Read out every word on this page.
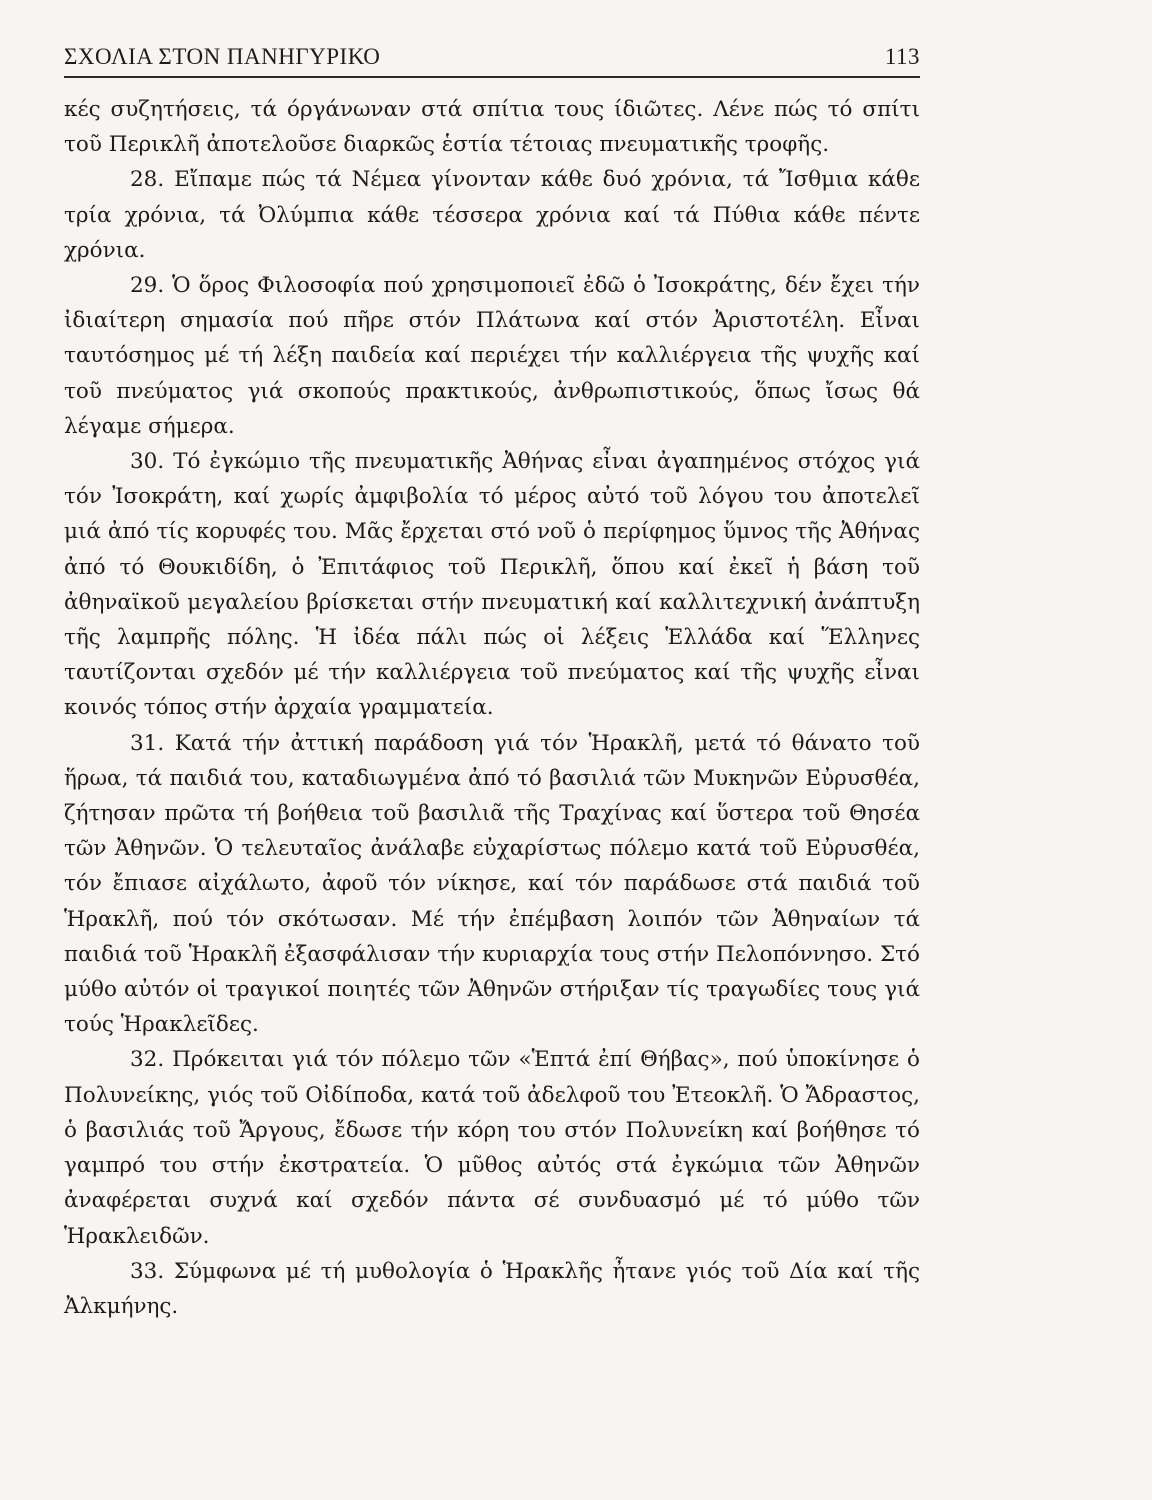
ΣΧΟΛΙΑ ΣΤΟΝ ΠΑΝΗΓΥΡΙΚΟ	113

κές συζητήσεις, τά όργάνωναν στά σπίτια τους ίδιῶτες. Λένε πώς τό σπίτι τοῦ Περικλῆ ἀποτελοῦσε διαρκῶς ἑστία τέτοιας πνευματικῆς τροφῆς.

28. Εἴπαμε πώς τά Νέμεα γίνονταν κάθε δυό χρόνια, τά Ἴσθμια κάθε τρία χρόνια, τά Ὀλύμπια κάθε τέσσερα χρόνια καί τά Πύθια κάθε πέντε χρόνια.

29. Ὁ ὅρος Φιλοσοφία πού χρησιμοποιεῖ ἐδῶ ὁ Ἰσοκράτης, δέν ἔχει τήν ἰδιαίτερη σημασία πού πῆρε στόν Πλάτωνα καί στόν Ἀριστοτέλη. Εἶναι ταυτόσημος μέ τή λέξη παιδεία καί περιέχει τήν καλλιέργεια τῆς ψυχῆς καί τοῦ πνεύματος γιά σκοπούς πρακτικούς, ἀνθρωπιστικούς, ὅπως ἴσως θά λέγαμε σήμερα.

30. Τό ἐγκώμιο τῆς πνευματικῆς Ἀθήνας εἶναι ἀγαπημένος στόχος γιά τόν Ἰσοκράτη, καί χωρίς ἀμφιβολία τό μέρος αὐτό τοῦ λόγου του ἀποτελεῖ μιά ἀπό τίς κορυφές του. Μᾶς ἔρχεται στό νοῦ ὁ περίφημος ὕμνος τῆς Ἀθήνας ἀπό τό Θουκιδίδη, ὁ Ἐπιτάφιος τοῦ Περικλῆ, ὅπου καί ἐκεῖ ἡ βάση τοῦ ἀθηναϊκοῦ μεγαλείου βρίσκεται στήν πνευματική καί καλλιτεχνική ἀνάπτυξη τῆς λαμπρῆς πόλης. Ἡ ἰδέα πάλι πώς οἱ λέξεις Ἑλλάδα καί Ἕλληνες ταυτίζονται σχεδόν μέ τήν καλλιέργεια τοῦ πνεύματος καί τῆς ψυχῆς εἶναι κοινός τόπος στήν ἀρχαία γραμματεία.

31. Κατά τήν ἀττική παράδοση γιά τόν Ἡρακλῆ, μετά τό θάνατο τοῦ ἥρωα, τά παιδιά του, καταδιωγμένα ἀπό τό βασιλιά τῶν Μυκηνῶν Εὐρυσθέα, ζήτησαν πρῶτα τή βοήθεια τοῦ βασιλιᾶ τῆς Τραχίνας καί ὕστερα τοῦ Θησέα τῶν Ἀθηνῶν. Ὁ τελευταῖος ἀνάλαβε εὐχαρίστως πόλεμο κατά τοῦ Εὐρυσθέα, τόν ἔπιασε αἰχάλωτο, ἀφοῦ τόν νίκησε, καί τόν παράδωσε στά παιδιά τοῦ Ἡρακλῆ, πού τόν σκότωσαν. Μέ τήν ἐπέμβαση λοιπόν τῶν Ἀθηναίων τά παιδιά τοῦ Ἡρακλῆ ἐξασφάλισαν τήν κυριαρχία τους στήν Πελοπόννησο. Στό μύθο αὐτόν οἱ τραγικοί ποιητές τῶν Ἀθηνῶν στήριξαν τίς τραγωδίες τους γιά τούς Ἡρακλεῖδες.

32. Πρόκειται γιά τόν πόλεμο τῶν «Ἑπτά ἐπί Θήβας», πού ὑποκίνησε ὁ Πολυνείκης, γιός τοῦ Οἰδίποδα, κατά τοῦ ἀδελφοῦ του Ἐτεοκλῆ. Ὁ Ἄδραστος, ὁ βασιλιάς τοῦ Ἄργους, ἔδωσε τήν κόρη του στόν Πολυνείκη καί βοήθησε τό γαμπρό του στήν ἐκστρατεία. Ὁ μῦθος αὐτός στά ἐγκώμια τῶν Ἀθηνῶν ἀναφέρεται συχνά καί σχεδόν πάντα σέ συνδυασμό μέ τό μύθο τῶν Ἡρακλειδῶν.

33. Σύμφωνα μέ τή μυθολογία ὁ Ἡρακλῆς ἦτανε γιός τοῦ Δία καί τῆς Ἀλκμήνης.
